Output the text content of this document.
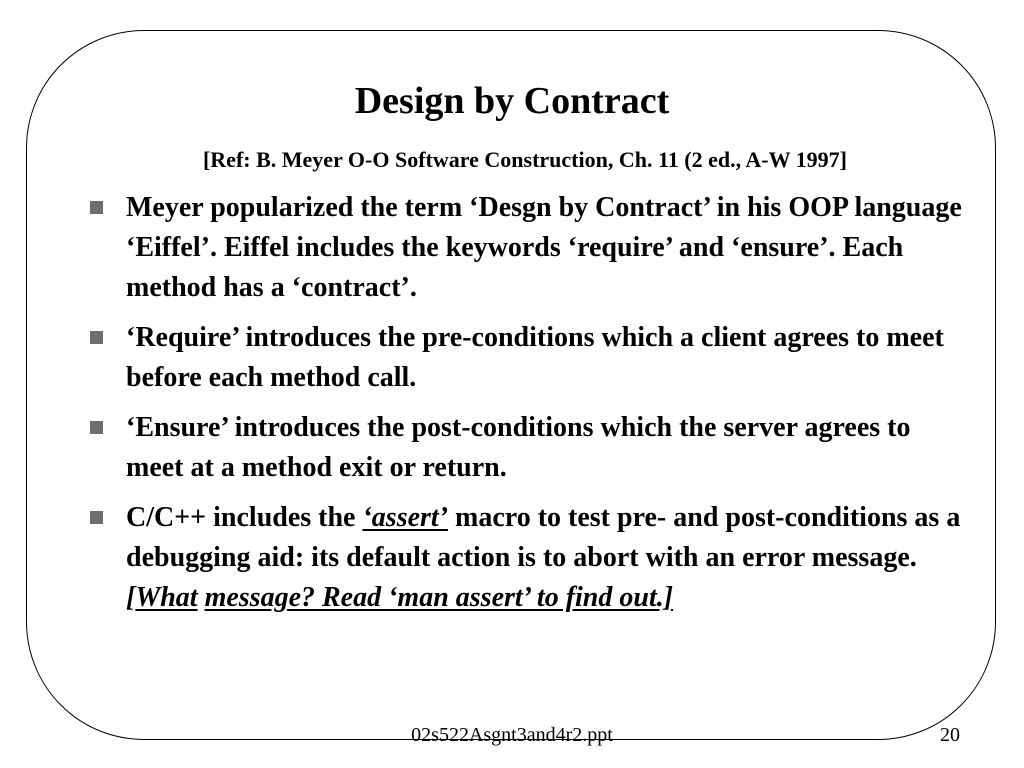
Design by Contract
[Ref: B. Meyer O-O Software Construction, Ch. 11 (2 ed., A-W 1997]
Meyer popularized the term ‘Desgn by Contract’ in his OOP language ‘Eiffel’. Eiffel includes the keywords ‘require’ and ‘ensure’. Each method has a ‘contract’.
‘Require’ introduces the pre-conditions which a client agrees to meet before each method call.
‘Ensure’ introduces the post-conditions which the server agrees to meet at a method exit or return.
C/C++ includes the ‘assert’ macro to test pre- and post-conditions as a debugging aid: its default action is to abort with an error message. [What message? Read ‘man assert’ to find out.]
02s522Asgnt3and4r2.ppt	20
